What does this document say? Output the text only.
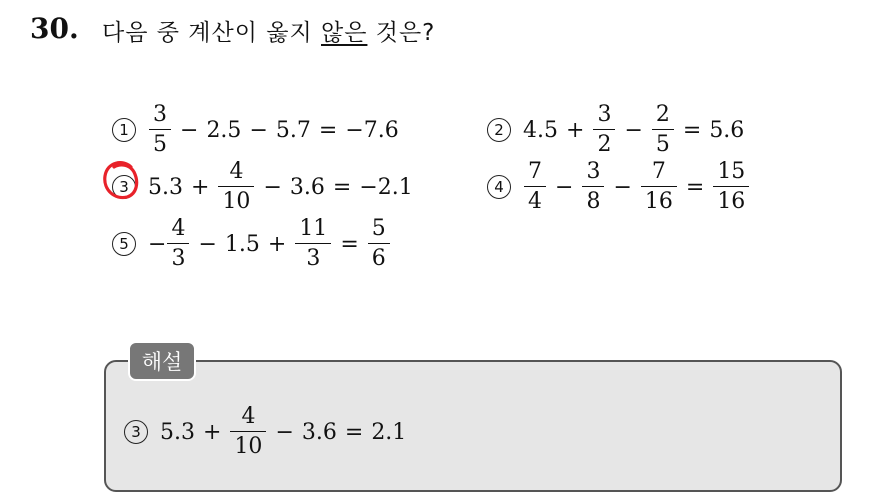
30. 다음 중 계산이 옳지 않은 것은?
1	$\frac{3}{5} - 2.5 - 5.7 = -7.6$	2 $4.5 + \frac{3}{2} - \frac{2}{5} = 5.6$
3 $5.3 + \frac{4}{10} - 3.6 = -2.1$	4	$\frac{7}{4} - \frac{3}{8} - \frac{7}{16} = \frac{15}{16}$
$5 - \frac{4}{3} - 1.5 + \frac{11}{3} = \frac{5}{6}$
해설
3 $5.3 + \frac{4}{10} - 3.6 = 2.1$
